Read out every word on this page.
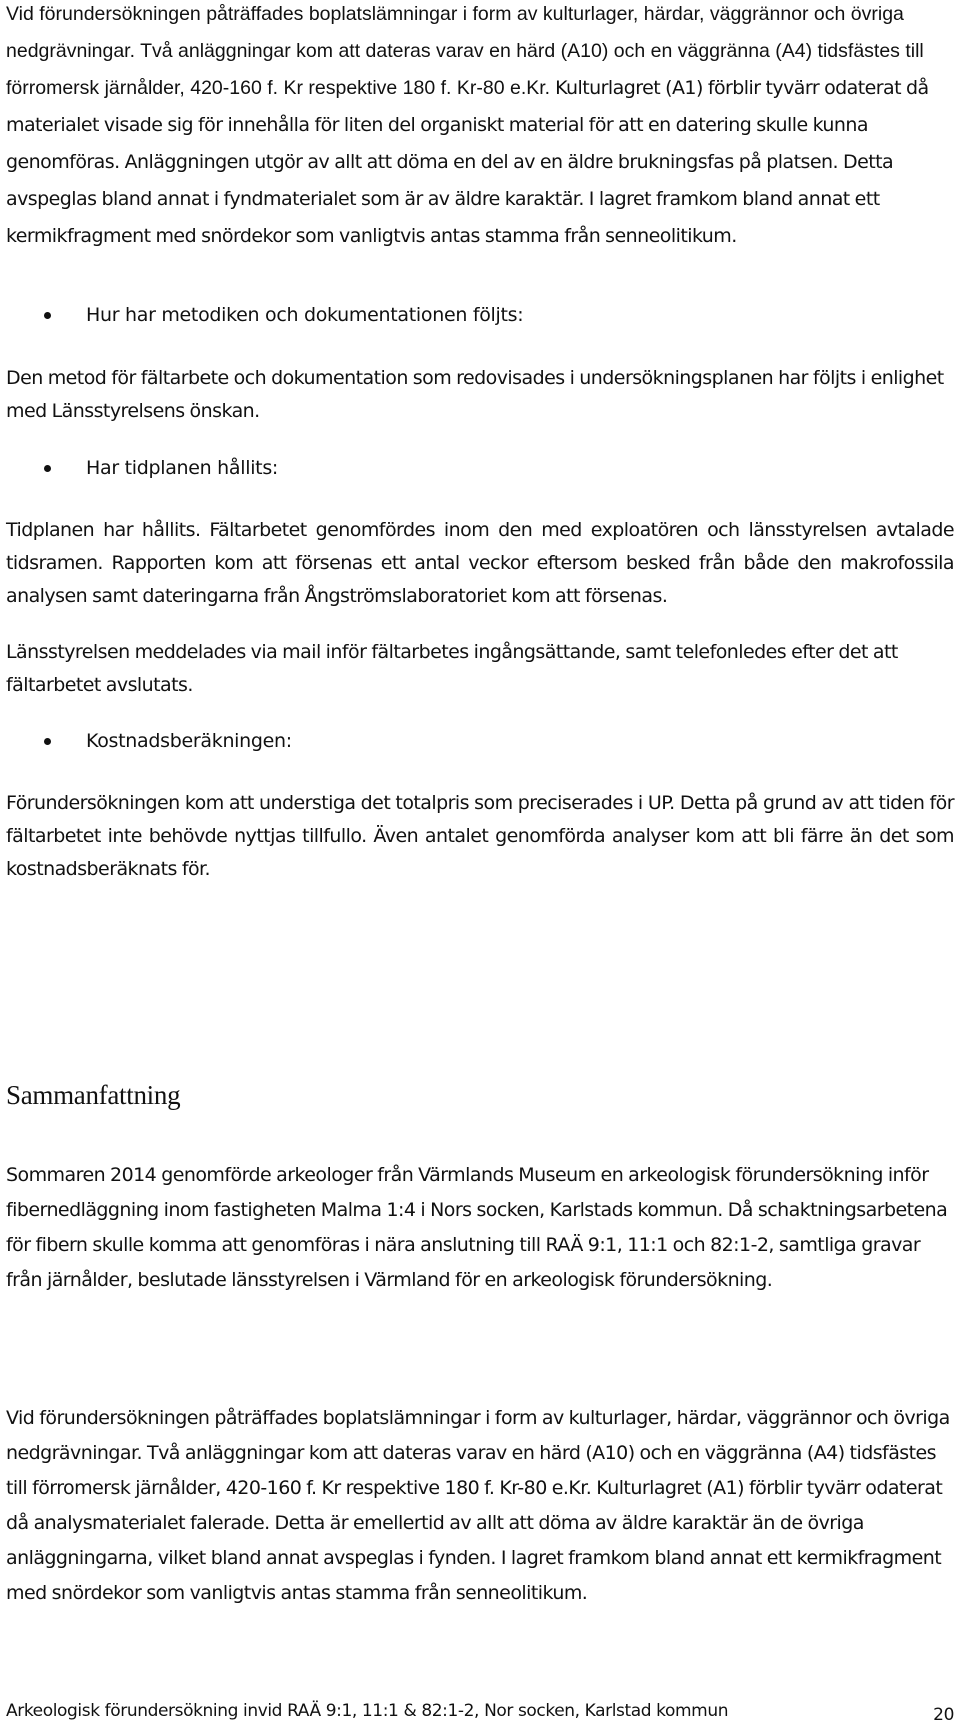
Vid förundersökningen påträffades boplatslämningar i form av kulturlager, härdar, väggrännor och övriga nedgrävningar. Två anläggningar kom att dateras varav en härd (A10) och en väggränna (A4) tidsfästes till förromersk järnålder, 420-160 f. Kr respektive 180 f. Kr-80 e.Kr. Kulturlagret (A1) förblir tyvärr odaterat då materialet visade sig för innehålla för liten del organiskt material för att en datering skulle kunna genomföras. Anläggningen utgör av allt att döma en del av en äldre brukningsfas på platsen. Detta avspeglas bland annat i fyndmaterialet som är av äldre karaktär. I lagret framkom bland annat ett kermikfragment med snördekor som vanligtvis antas stamma från senneolitikum.

Hur har metodiken och dokumentationen följts:

Den metod för fältarbete och dokumentation som redovisades i undersökningsplanen har följts i enlighet med Länsstyrelsens önskan.

Har tidplanen hållits:

Tidplanen har hållits. Fältarbetet genomfördes inom den med exploatören och länsstyrelsen avtalade tidsramen. Rapporten kom att försenas ett antal veckor eftersom besked från både den makrofossila analysen samt dateringarna från Ångströmslaboratoriet kom att försenas.

Länsstyrelsen meddelades via mail inför fältarbetes ingångsättande, samt telefonledes efter det att fältarbetet avslutats.

Kostnadsberäkningen:

Förundersökningen kom att understiga det totalpris som preciserades i UP. Detta på grund av att tiden för fältarbetet inte behövde nyttjas tillfullo. Även antalet genomförda analyser kom att bli färre än det som kostnadsberäknats för.

Sammanfattning

Sommaren 2014 genomförde arkeologer från Värmlands Museum en arkeologisk förundersökning inför fibernedläggning inom fastigheten Malma 1:4 i Nors socken, Karlstads kommun. Då schaktningsarbetena för fibern skulle komma att genomföras i nära anslutning till RAÄ 9:1, 11:1 och 82:1-2, samtliga gravar från järnålder, beslutade länsstyrelsen i Värmland för en arkeologisk förundersökning.

Vid förundersökningen påträffades boplatslämningar i form av kulturlager, härdar, väggrännor och övriga nedgrävningar. Två anläggningar kom att dateras varav en härd (A10) och en väggränna (A4) tidsfästes till förromersk järnålder, 420-160 f. Kr respektive 180 f. Kr-80 e.Kr. Kulturlagret (A1) förblir tyvärr odaterat då analysmaterialet falerade. Detta är emellertid av allt att döma av äldre karaktär än de övriga anläggningarna, vilket bland annat avspeglas i fynden. I lagret framkom bland annat ett kermikfragment med snördekor som vanligtvis antas stamma från senneolitikum.

Arkeologisk förundersökning invid RAÄ 9:1, 11:1 & 82:1-2, Nor socken, Karlstad kommun	20
